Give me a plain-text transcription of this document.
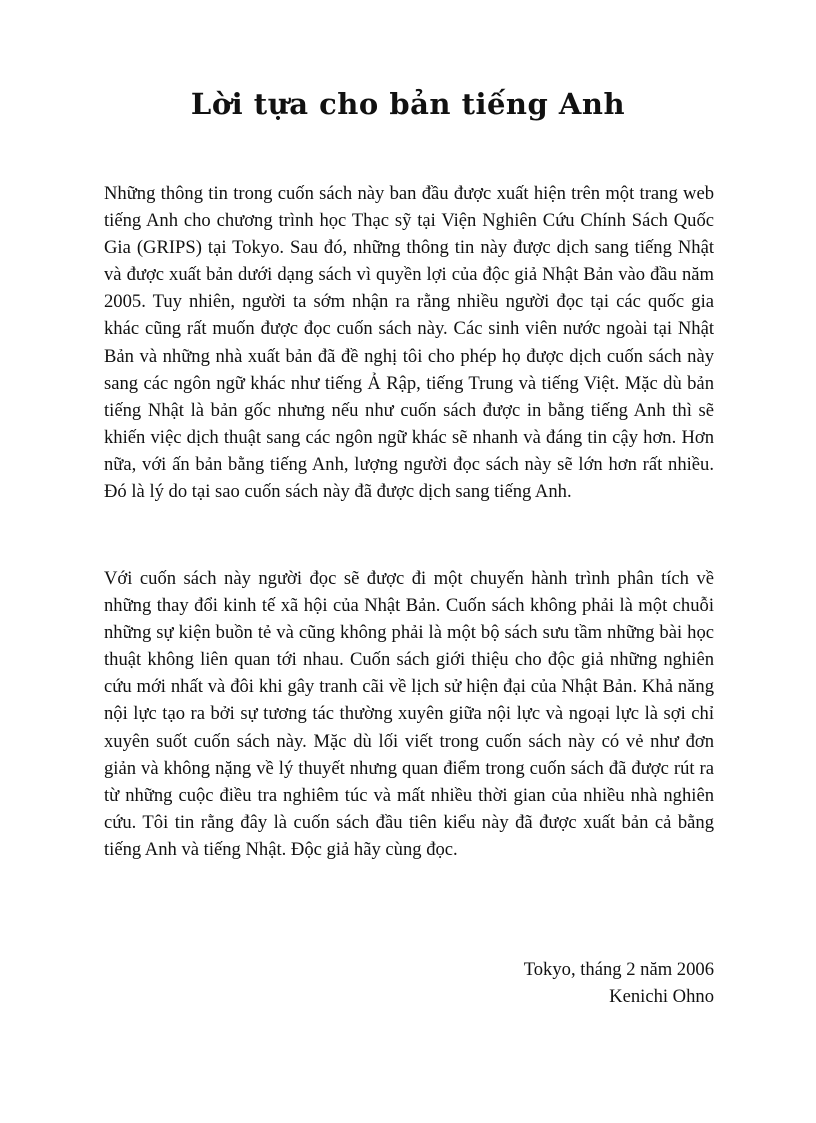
Lời tựa cho bản tiếng Anh

Những thông tin trong cuốn sách này ban đầu được xuất hiện trên một trang web tiếng Anh cho chương trình học Thạc sỹ tại Viện Nghiên Cứu Chính Sách Quốc Gia (GRIPS) tại Tokyo. Sau đó, những thông tin này được dịch sang tiếng Nhật và được xuất bản dưới dạng sách vì quyền lợi của độc giả Nhật Bản vào đầu năm 2005. Tuy nhiên, người ta sớm nhận ra rằng nhiều người đọc tại các quốc gia khác cũng rất muốn được đọc cuốn sách này. Các sinh viên nước ngoài tại Nhật Bản và những nhà xuất bản đã đề nghị tôi cho phép họ được dịch cuốn sách này sang các ngôn ngữ khác như tiếng Ả Rập, tiếng Trung và tiếng Việt. Mặc dù bản tiếng Nhật là bản gốc nhưng nếu như cuốn sách được in bằng tiếng Anh thì sẽ khiến việc dịch thuật sang các ngôn ngữ khác sẽ nhanh và đáng tin cậy hơn. Hơn nữa, với ấn bản bằng tiếng Anh, lượng người đọc sách này sẽ lớn hơn rất nhiều. Đó là lý do tại sao cuốn sách này đã được dịch sang tiếng Anh.

Với cuốn sách này người đọc sẽ được đi một chuyến hành trình phân tích về những thay đổi kinh tế xã hội của Nhật Bản. Cuốn sách không phải là một chuỗi những sự kiện buồn tẻ và cũng không phải là một bộ sách sưu tầm những bài học thuật không liên quan tới nhau. Cuốn sách giới thiệu cho độc giả những nghiên cứu mới nhất và đôi khi gây tranh cãi về lịch sử hiện đại của Nhật Bản. Khả năng nội lực tạo ra bởi sự tương tác thường xuyên giữa nội lực và ngoại lực là sợi chỉ xuyên suốt cuốn sách này. Mặc dù lối viết trong cuốn sách này có vẻ như đơn giản và không nặng về lý thuyết nhưng quan điểm trong cuốn sách đã được rút ra từ những cuộc điều tra nghiêm túc và mất nhiều thời gian của nhiều nhà nghiên cứu. Tôi tin rằng đây là cuốn sách đầu tiên kiểu này đã được xuất bản cả bằng tiếng Anh và tiếng Nhật. Độc giả hãy cùng đọc.

Tokyo, tháng 2 năm 2006
Kenichi Ohno
